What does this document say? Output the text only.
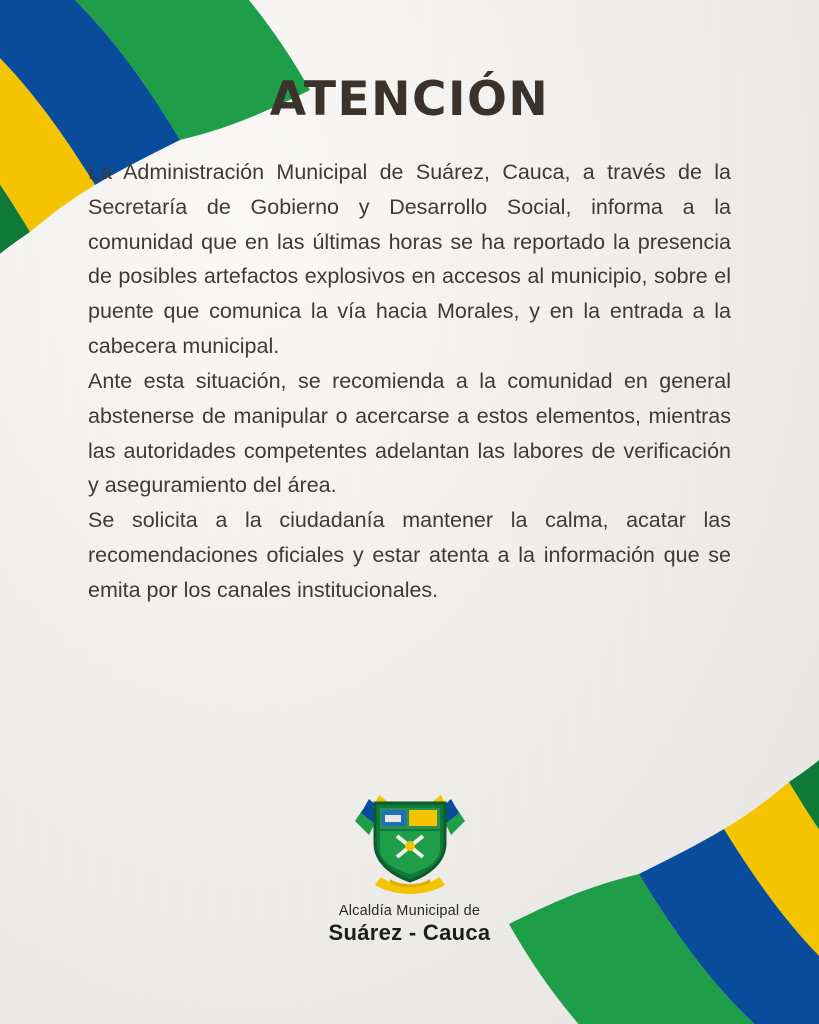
ATENCIÓN

La Administración Municipal de Suárez, Cauca, a través de la Secretaría de Gobierno y Desarrollo Social, informa a la comunidad que en las últimas horas se ha reportado la presencia de posibles artefactos explosivos en accesos al municipio, sobre el puente que comunica la vía hacia Morales, y en la entrada a la cabecera municipal.

Ante esta situación, se recomienda a la comunidad en general abstenerse de manipular o acercarse a estos elementos, mientras las autoridades competentes adelantan las labores de verificación y aseguramiento del área.

Se solicita a la ciudadanía mantener la calma, acatar las recomendaciones oficiales y estar atenta a la información que se emita por los canales institucionales.

Alcaldía Municipal de
Suárez - Cauca
